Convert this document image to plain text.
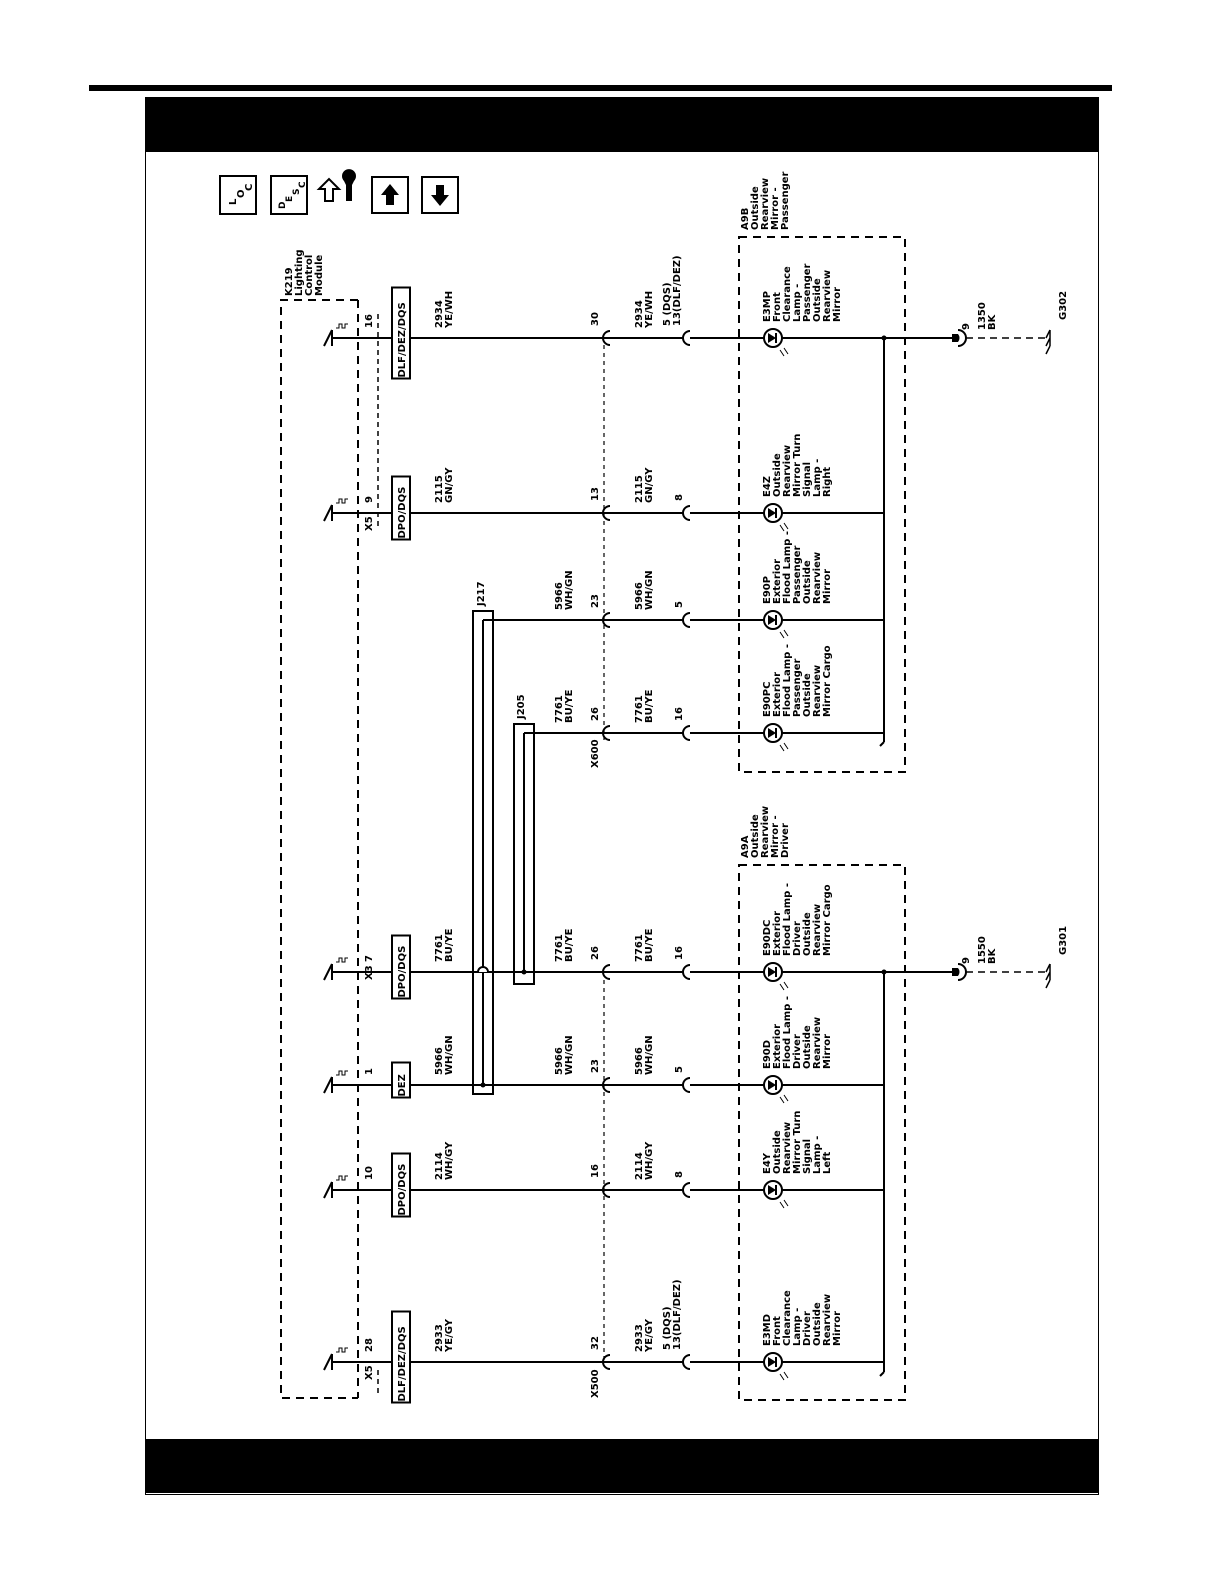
L
O
C
D
E
S
C
K219 Lighting Control Module
X500
X600
J217
J205
A9A Outside Rearview Mirror - Driver
A9B Outside Rearview Mirror - Passenger
9 1550 BK
G301
9 1350 BK
G302
28 DLF/DEZ/DQS	2933 YE/GY
X5
32	2933 YE/GY 5 (DQS) 13(DLF/DEZ)	E3MD Front Clearance Lamp - Driver Outside Rearview Mirror
10 DPO/DQS	2114 WH/GY	16	2114 WH/GY 8
E4Y Outside Rearview Mirror Turn Signal Lamp - Left
1
DEZ
5966 WH/GN	5966 WH/GN 23	5966 WH/GN 5
E90D Exterior Flood Lamp - Driver Outside Rearview Mirror
7 DPO/DQS	7761 BU/YE	7761 BU/YE
X3
26	7761 BU/YE 16	E90DC Exterior Flood Lamp - Driver Outside Rearview Mirror Cargo
7761 BU/YE 26	7761 BU/YE 16	E90PC Exterior Flood Lamp - Passenger Outside Rearview Mirror Cargo
5966 WH/GN 23	5966 WH/GN 5
E90P Exterior Flood Lamp - Passenger Outside Rearview Mirror
9 DPO/DQS	2115 GN/GY
X5
13	2115 GN/GY 8
E4Z Outside Rearview Mirror Turn Signal Lamp - Right
16 DLF/DEZ/DQS	2934 YE/WH	30	2934 YE/WH 5 (DQS) 13(DLF/DEZ)	E3MP Front Clearance Lamp - Passenger Outside Rearview Mirror
